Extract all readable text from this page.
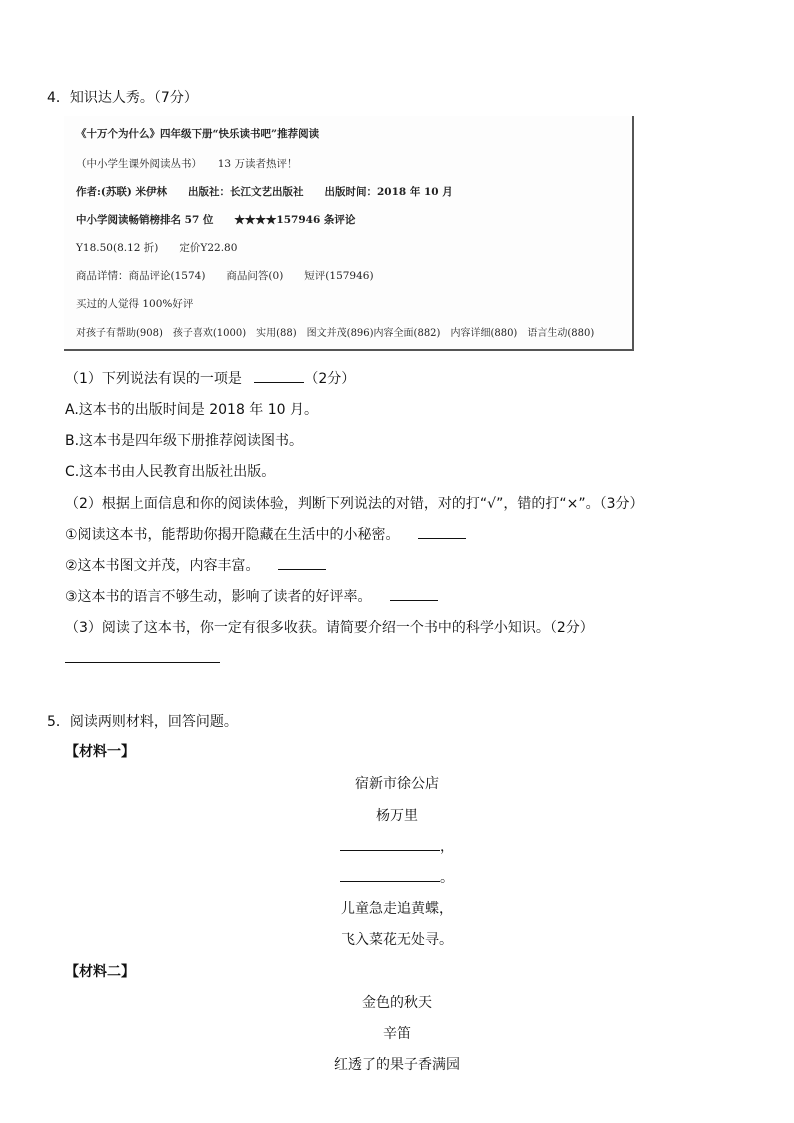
4．知识达人秀。（7分）
《十万个为什么》四年级下册“快乐读书吧”推荐阅读
（中小学生课外阅读丛书）　　13 万读者热评！
作者:(苏联) 米伊林　　出版社：长江文艺出版社　　出版时间：2018 年 10 月
中小学阅读畅销榜排名 57 位　　★★★★157946 条评论
Y18.50(8.12 折)　　定价Y22.80
商品详情：商品评论(1574)　　商品问答(0)　　短评(157946)
买过的人觉得 100%好评
对孩子有帮助(908)　孩子喜欢(1000)　实用(88)　图文并茂(896)内容全面(882)　内容详细(880)　语言生动(880)
（1）下列说法有误的一项是	（2分）
A.这本书的出版时间是 2018 年 10 月。
B.这本书是四年级下册推荐阅读图书。
C.这本书由人民教育出版社出版。
（2）根据上面信息和你的阅读体验，判断下列说法的对错，对的打“√”，错的打“×”。（3分）
①阅读这本书，能帮助你揭开隐藏在生活中的小秘密。
②这本书图文并茂，内容丰富。
③这本书的语言不够生动，影响了读者的好评率。
（3）阅读了这本书，你一定有很多收获。请简要介绍一个书中的科学小知识。（2分）
5．阅读两则材料，回答问题。
【材料一】
宿新市徐公店
杨万里
，
。
儿童急走追黄蝶，
飞入菜花无处寻。
【材料二】
金色的秋天
辛笛
红透了的果子香满园
